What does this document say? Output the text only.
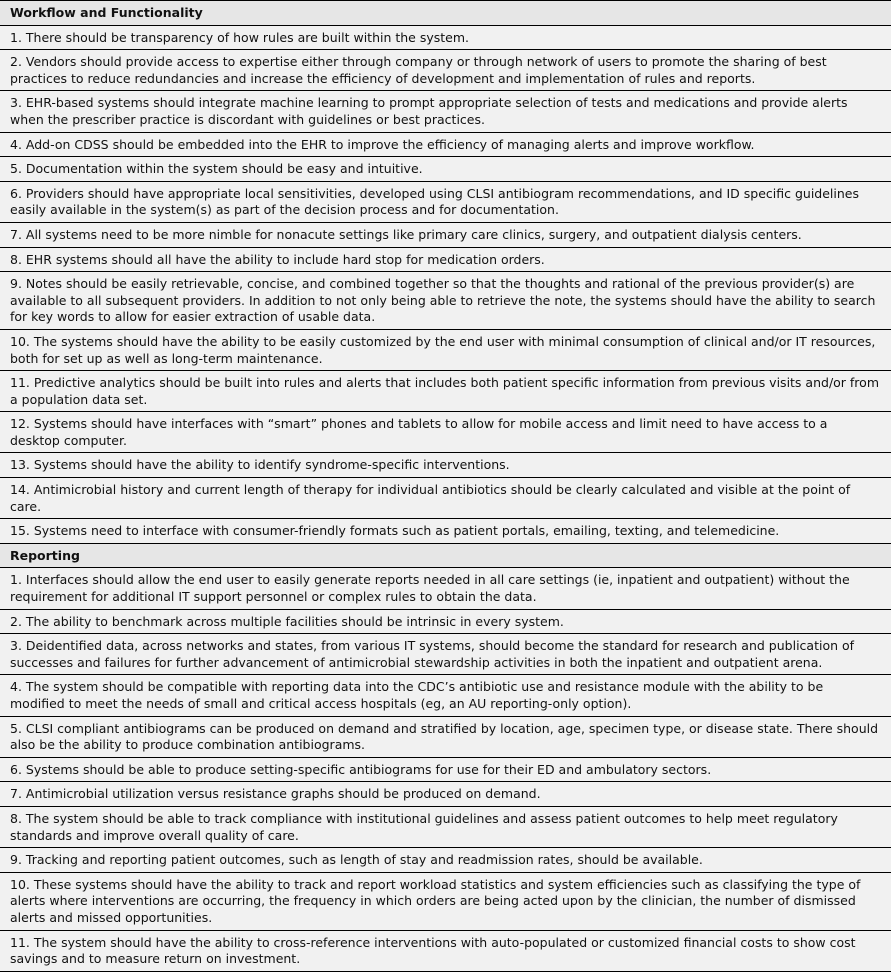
Workflow and Functionality
1. There should be transparency of how rules are built within the system.
2. Vendors should provide access to expertise either through company or through network of users to promote the sharing of best practices to reduce redundancies and increase the efficiency of development and implementation of rules and reports.
3. EHR-based systems should integrate machine learning to prompt appropriate selection of tests and medications and provide alerts when the prescriber practice is discordant with guidelines or best practices.
4. Add-on CDSS should be embedded into the EHR to improve the efficiency of managing alerts and improve workflow.
5. Documentation within the system should be easy and intuitive.
6. Providers should have appropriate local sensitivities, developed using CLSI antibiogram recommendations, and ID specific guidelines easily available in the system(s) as part of the decision process and for documentation.
7. All systems need to be more nimble for nonacute settings like primary care clinics, surgery, and outpatient dialysis centers.
8. EHR systems should all have the ability to include hard stop for medication orders.
9. Notes should be easily retrievable, concise, and combined together so that the thoughts and rational of the previous provider(s) are available to all subsequent providers. In addition to not only being able to retrieve the note, the systems should have the ability to search for key words to allow for easier extraction of usable data.
10. The systems should have the ability to be easily customized by the end user with minimal consumption of clinical and/or IT resources, both for set up as well as long-term maintenance.
11. Predictive analytics should be built into rules and alerts that includes both patient specific information from previous visits and/or from a population data set.
12. Systems should have interfaces with “smart” phones and tablets to allow for mobile access and limit need to have access to a desktop computer.
13. Systems should have the ability to identify syndrome-specific interventions.
14. Antimicrobial history and current length of therapy for individual antibiotics should be clearly calculated and visible at the point of care.
15. Systems need to interface with consumer-friendly formats such as patient portals, emailing, texting, and telemedicine.
Reporting
1. Interfaces should allow the end user to easily generate reports needed in all care settings (ie, inpatient and outpatient) without the requirement for additional IT support personnel or complex rules to obtain the data.
2. The ability to benchmark across multiple facilities should be intrinsic in every system.
3. Deidentified data, across networks and states, from various IT systems, should become the standard for research and publication of successes and failures for further advancement of antimicrobial stewardship activities in both the inpatient and outpatient arena.
4. The system should be compatible with reporting data into the CDC’s antibiotic use and resistance module with the ability to be modified to meet the needs of small and critical access hospitals (eg, an AU reporting-only option).
5. CLSI compliant antibiograms can be produced on demand and stratified by location, age, specimen type, or disease state. There should also be the ability to produce combination antibiograms.
6. Systems should be able to produce setting-specific antibiograms for use for their ED and ambulatory sectors.
7. Antimicrobial utilization versus resistance graphs should be produced on demand.
8. The system should be able to track compliance with institutional guidelines and assess patient outcomes to help meet regulatory standards and improve overall quality of care.
9. Tracking and reporting patient outcomes, such as length of stay and readmission rates, should be available.
10. These systems should have the ability to track and report workload statistics and system efficiencies such as classifying the type of alerts where interventions are occurring, the frequency in which orders are being acted upon by the clinician, the number of dismissed alerts and missed opportunities.
11. The system should have the ability to cross-reference interventions with auto-populated or customized financial costs to show cost savings and to measure return on investment.
